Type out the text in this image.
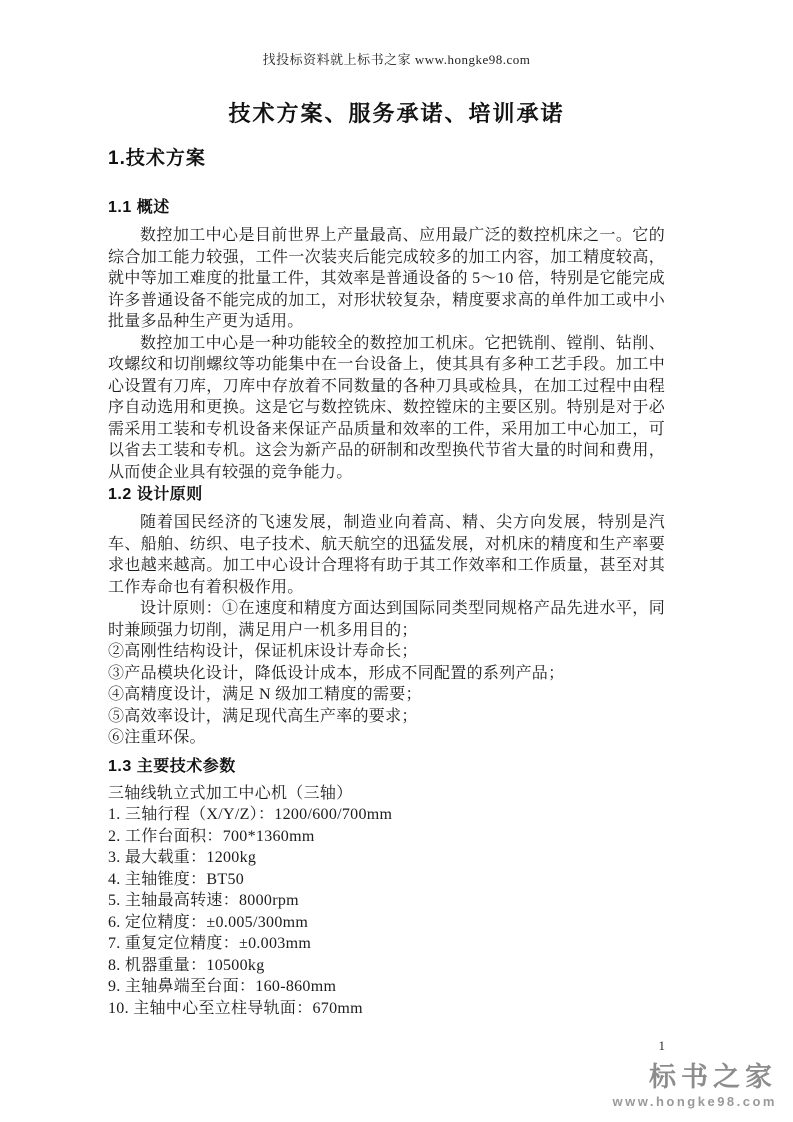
找投标资料就上标书之家 www.hongke98.com
技术方案、服务承诺、培训承诺
1.技术方案
1.1 概述

数控加工中心是目前世界上产量最高、应用最广泛的数控机床之一。它的综合加工能力较强，工件一次装夹后能完成较多的加工内容，加工精度较高，就中等加工难度的批量工件，其效率是普通设备的 5～10 倍，特别是它能完成许多普通设备不能完成的加工，对形状较复杂，精度要求高的单件加工或中小批量多品种生产更为适用。

数控加工中心是一种功能较全的数控加工机床。它把铣削、镗削、钻削、攻螺纹和切削螺纹等功能集中在一台设备上，使其具有多种工艺手段。加工中心设置有刀库，刀库中存放着不同数量的各种刀具或检具，在加工过程中由程序自动选用和更换。这是它与数控铣床、数控镗床的主要区别。特别是对于必需采用工装和专机设备来保证产品质量和效率的工件，采用加工中心加工，可以省去工装和专机。这会为新产品的研制和改型换代节省大量的时间和费用，从而使企业具有较强的竞争能力。

1.2 设计原则

随着国民经济的飞速发展，制造业向着高、精、尖方向发展，特别是汽车、船舶、纺织、电子技术、航天航空的迅猛发展，对机床的精度和生产率要求也越来越高。加工中心设计合理将有助于其工作效率和工作质量，甚至对其工作寿命也有着积极作用。

设计原则：①在速度和精度方面达到国际同类型同规格产品先进水平，同时兼顾强力切削，满足用户一机多用目的；

②高刚性结构设计，保证机床设计寿命长；
③产品模块化设计，降低设计成本，形成不同配置的系列产品；
④高精度设计，满足 N 级加工精度的需要；
⑤高效率设计，满足现代高生产率的要求；
⑥注重环保。
1.3 主要技术参数
三轴线轨立式加工中心机（三轴）
1. 三轴行程（X/Y/Z）：1200/600/700mm
2. 工作台面积：700*1360mm
3. 最大载重：1200kg
4. 主轴锥度：BT50
5. 主轴最高转速：8000rpm
6. 定位精度：±0.005/300mm
7. 重复定位精度：±0.003mm
8. 机器重量：10500kg
9. 主轴鼻端至台面：160-860mm
10. 主轴中心至立柱导轨面：670mm
1
标书之家
www.hongke98.com
